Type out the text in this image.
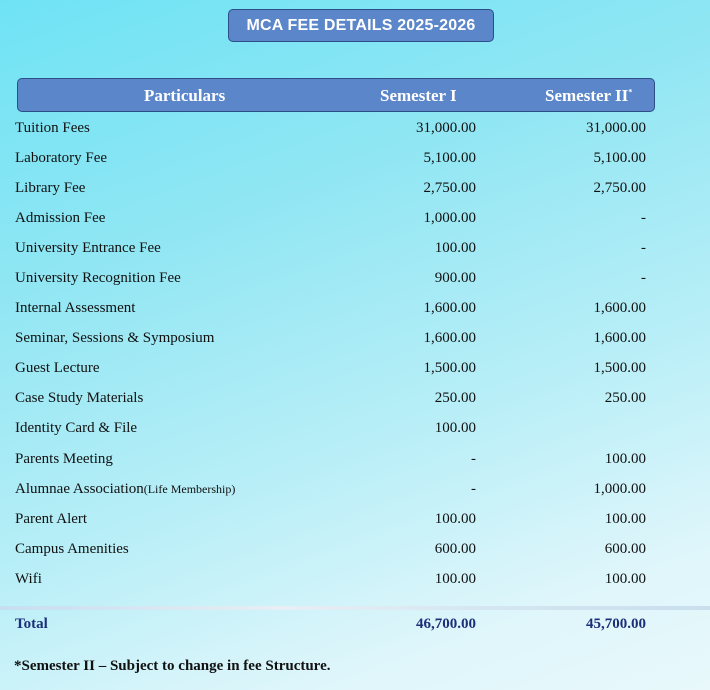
MCA FEE DETAILS 2025-2026
Particulars	Semester I	Semester II*
Tuition Fees	31,000.00	31,000.00
Laboratory Fee	5,100.00	5,100.00
Library Fee	2,750.00	2,750.00
Admission Fee	1,000.00	-
University Entrance Fee	100.00	-
University Recognition Fee	900.00	-
Internal Assessment	1,600.00	1,600.00
Seminar, Sessions & Symposium	1,600.00	1,600.00
Guest Lecture	1,500.00	1,500.00
Case Study Materials	250.00	250.00
Identity Card & File	100.00
Parents Meeting	-	100.00
Alumnae Association(Life Membership)	-	1,000.00
Parent Alert	100.00	100.00
Campus Amenities	600.00	600.00
Wifi	100.00	100.00
Total	46,700.00	45,700.00
*Semester II – Subject to change in fee Structure.
